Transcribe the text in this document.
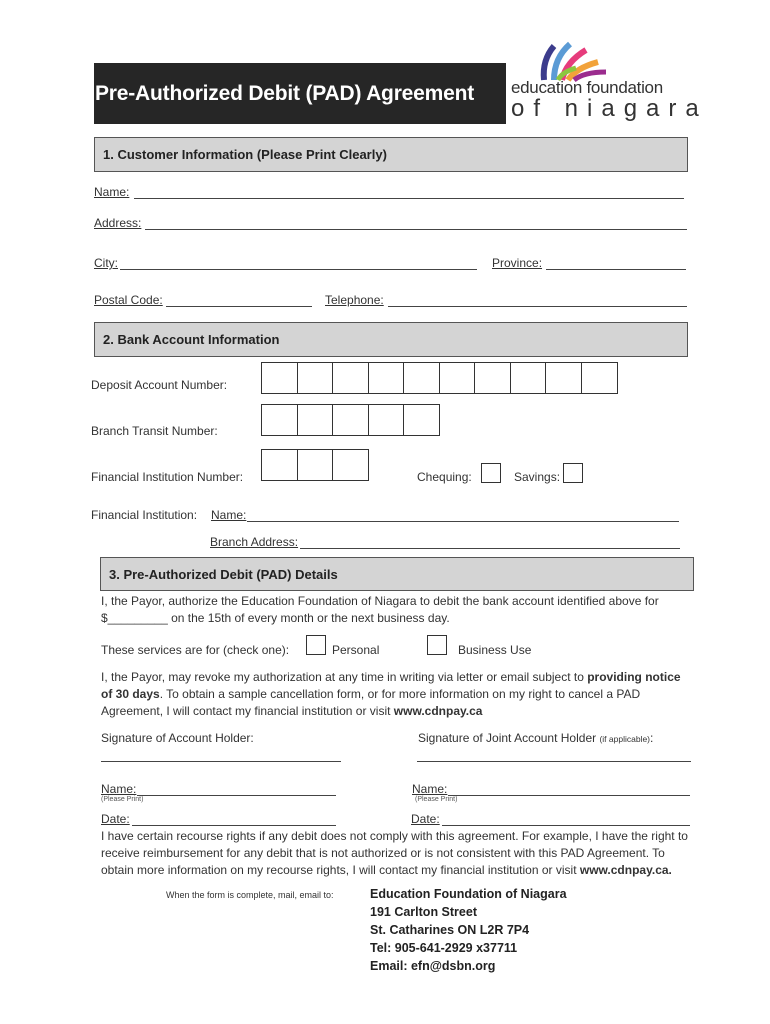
Pre-Authorized Debit (PAD) Agreement	education foundation
of niagara
1. Customer Information (Please Print Clearly)
Name:
Address:
City:	Province:
Postal Code:	Telephone:
2. Bank Account Information
Deposit Account Number:
Branch Transit Number:
Financial Institution Number:	Chequing:	Savings:
Financial Institution: Name:
Branch Address:
3. Pre-Authorized Debit (PAD) Details
I, the Payor, authorize the Education Foundation of Niagara to debit the bank account identified above for
$_________ on the 15th of every month or the next business day.
These services are for (check one):	Personal	Business Use
I, the Payor, may revoke my authorization at any time in writing via letter or email subject to providing notice of 30 days. To obtain a sample cancellation form, or for more information on my right to cancel a PAD Agreement, I will contact my financial institution or visit www.cdnpay.ca
Signature of Account Holder:	Signature of Joint Account Holder (if applicable):
Name:
(Please Print)
Name:
(Please Print)
Date:	Date:
I have certain recourse rights if any debit does not comply with this agreement. For example, I have the right to receive reimbursement for any debit that is not authorized or is not consistent with this PAD Agreement. To obtain more information on my recourse rights, I will contact my financial institution or visit www.cdnpay.ca.
When the form is complete, mail, email to:	Education Foundation of Niagara
191 Carlton Street
St. Catharines ON L2R 7P4
Tel: 905-641-2929 x37711
Email: efn@dsbn.org
